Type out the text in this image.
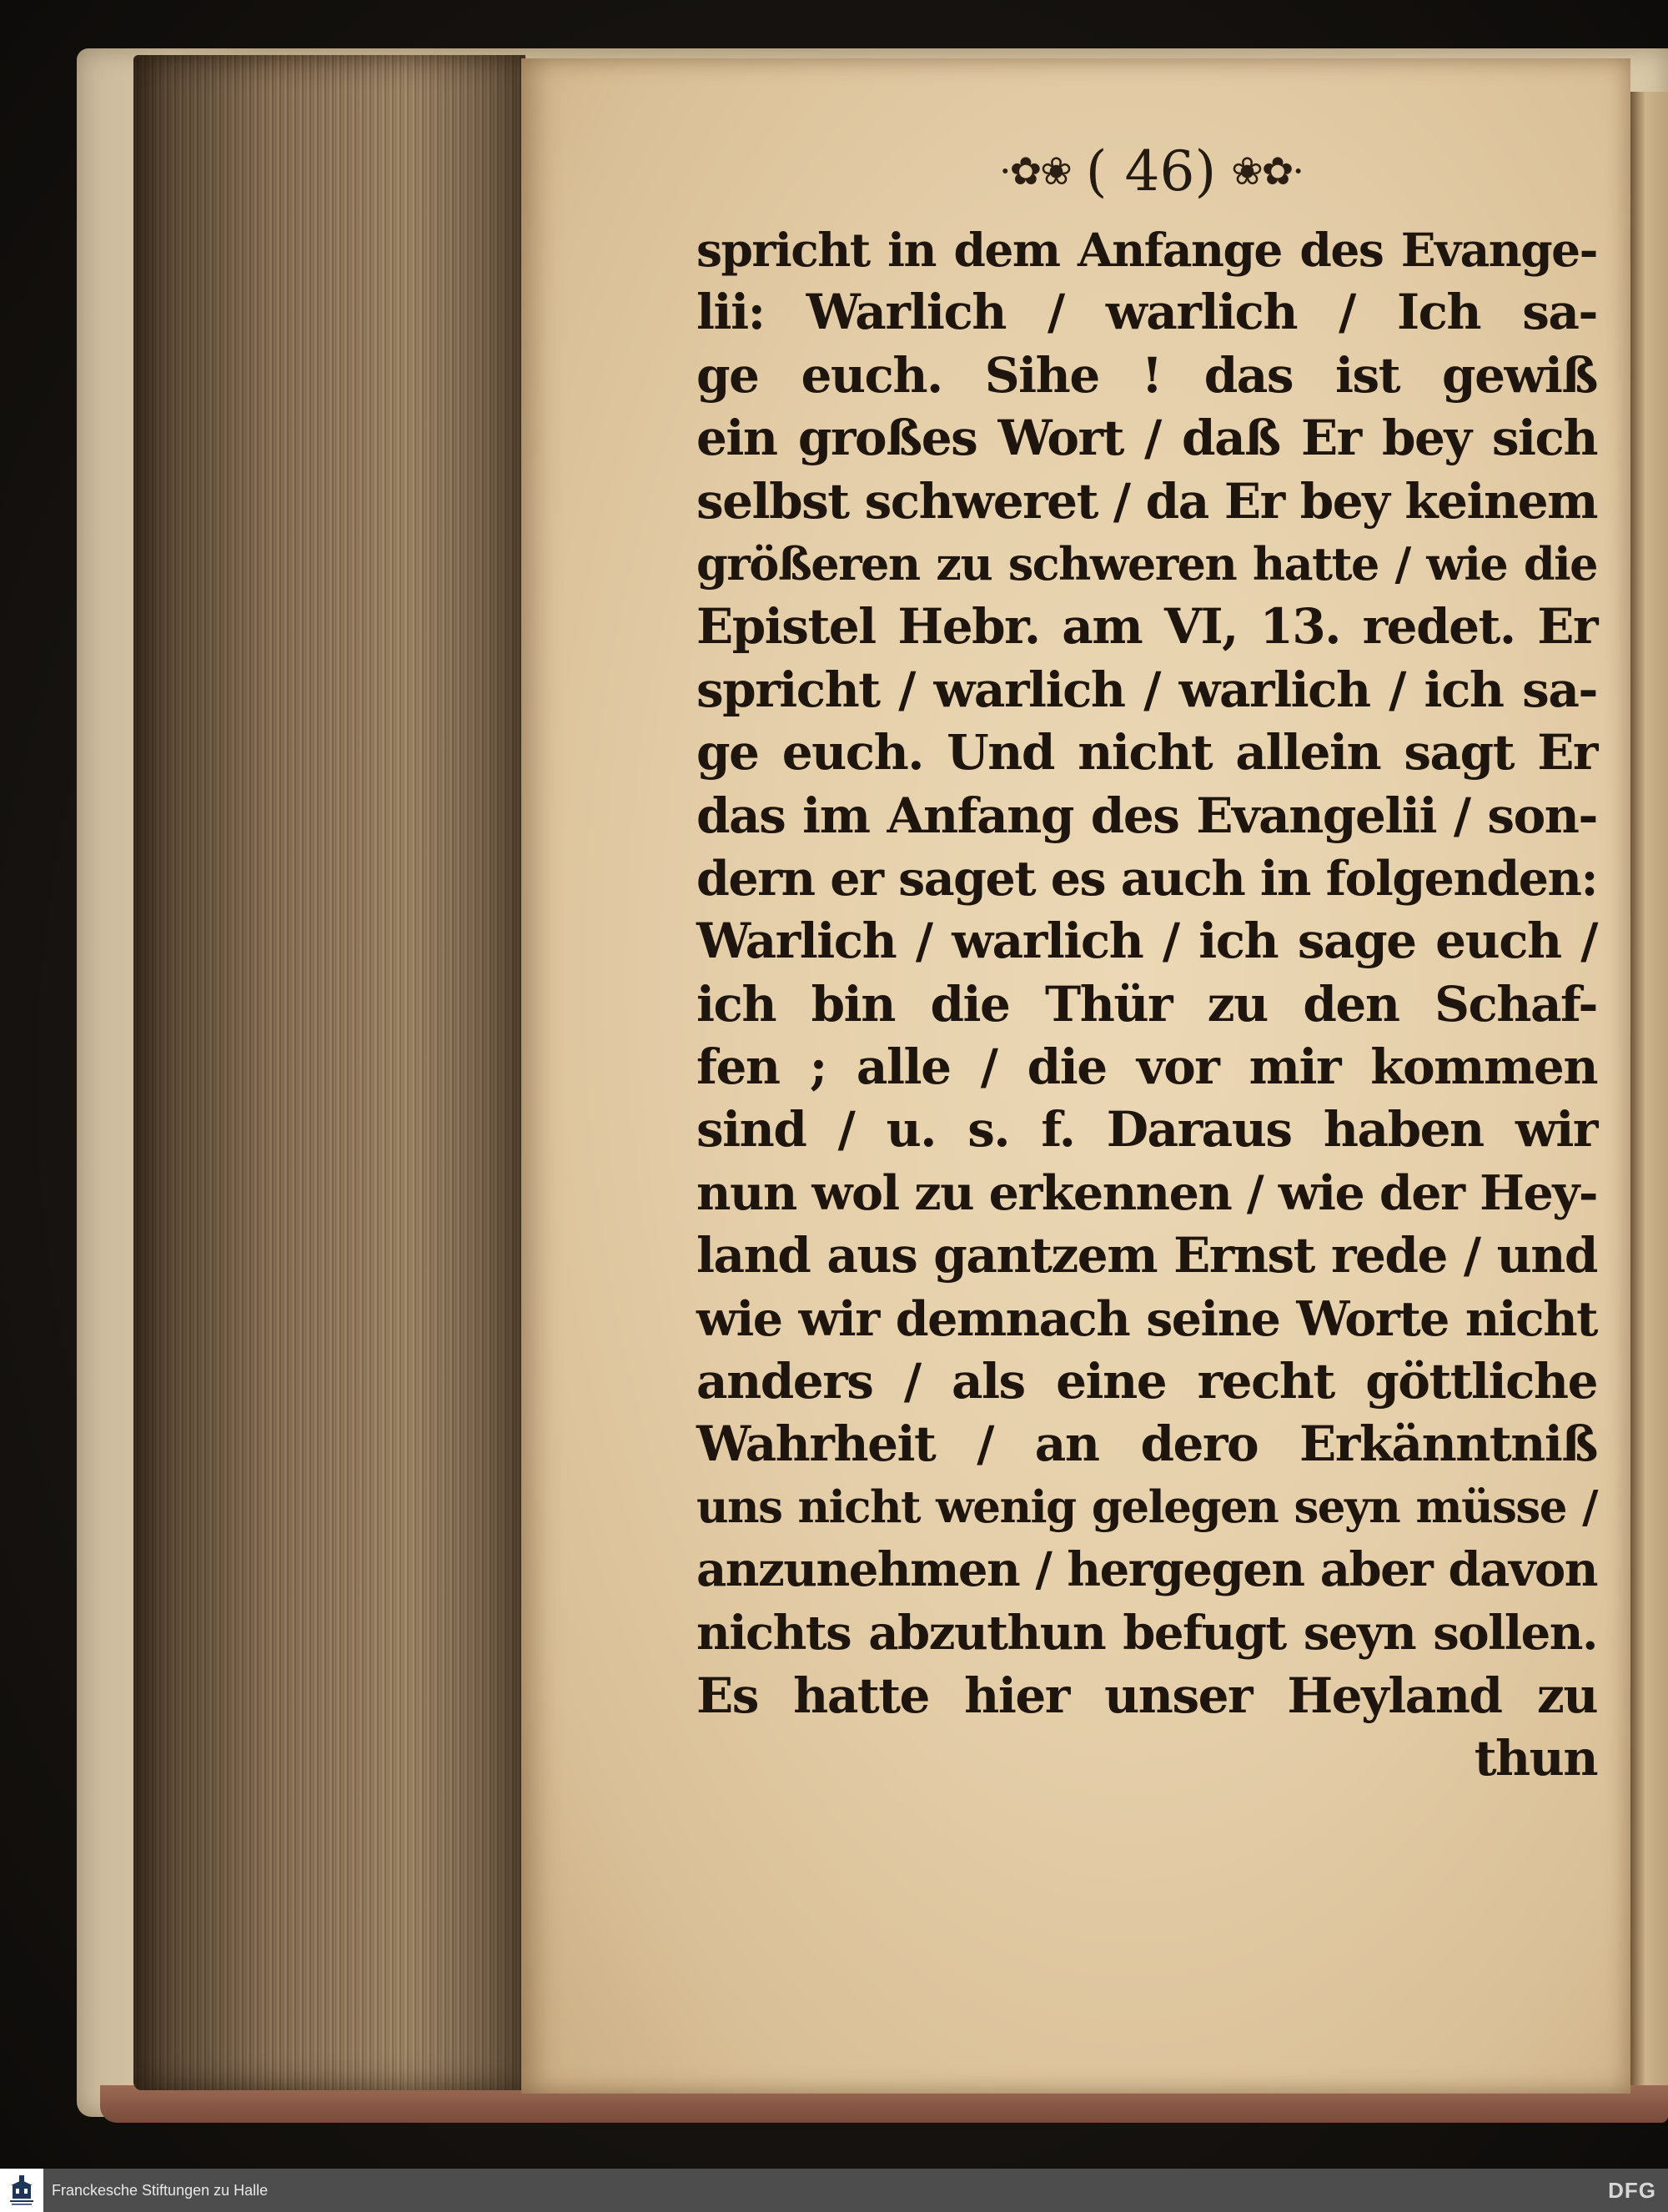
·✿❀ ( 46) ❀✿·
spricht in dem Anfange des Evange-
lii: Warlich / warlich / Ich sa-
ge euch. Sihe ! das ist gewiß
ein großes Wort / daß Er bey sich
selbst schweret / da Er bey keinem
größeren zu schweren hatte / wie die
Epistel Hebr. am VI, 13. redet. Er
spricht / warlich / warlich / ich sa-
ge euch. Und nicht allein sagt Er
das im Anfang des Evangelii / son-
dern er saget es auch in folgenden:
Warlich / warlich / ich sage euch /
ich bin die Thür zu den Schaf-
fen ; alle / die vor mir kommen
sind / u. s. f. Daraus haben wir
nun wol zu erkennen / wie der Hey-
land aus gantzem Ernst rede / und
wie wir demnach seine Worte nicht
anders / als eine recht göttliche
Wahrheit / an dero Erkänntniß
uns nicht wenig gelegen seyn müsse /
anzunehmen / hergegen aber davon
nichts abzuthun befugt seyn sollen.
Es hatte hier unser Heyland zu
thun
Franckesche Stiftungen zu Halle	DFG
